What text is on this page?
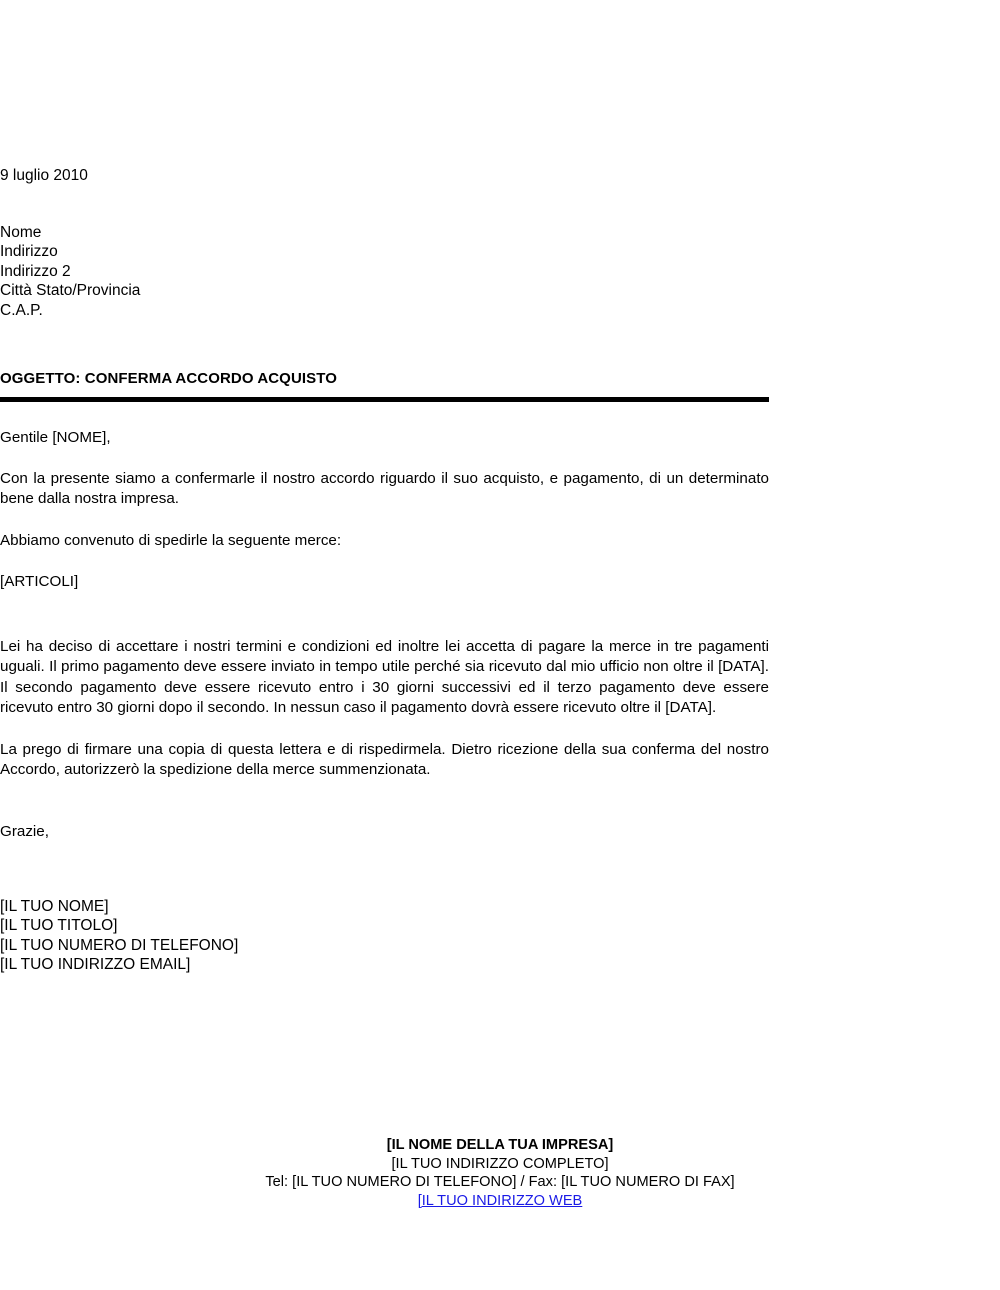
9 luglio 2010
Nome
Indirizzo
Indirizzo 2
Città Stato/Provincia
C.A.P.
OGGETTO: CONFERMA ACCORDO ACQUISTO

Gentile [NOME],

Con la presente siamo a confermarle il nostro accordo riguardo il suo acquisto, e pagamento, di un determinato bene dalla nostra impresa.

Abbiamo convenuto di spedirle la seguente merce:

[ARTICOLI]

Lei ha deciso di accettare i nostri termini e condizioni ed inoltre lei accetta di pagare la merce in tre pagamenti uguali. Il primo pagamento deve essere inviato in tempo utile perché sia ricevuto dal mio ufficio non oltre il [DATA]. Il secondo pagamento deve essere ricevuto entro i 30 giorni successivi ed il terzo pagamento deve essere ricevuto entro 30 giorni dopo il secondo. In nessun caso il pagamento dovrà essere ricevuto oltre il [DATA].

La prego di firmare una copia di questa lettera e di rispedirmela. Dietro ricezione della sua conferma del nostro Accordo, autorizzerò la spedizione della merce summenzionata.

Grazie,

[IL TUO NOME]
[IL TUO TITOLO]
[IL TUO NUMERO DI TELEFONO]
[IL TUO INDIRIZZO EMAIL]
[IL NOME DELLA TUA IMPRESA]
[IL TUO INDIRIZZO COMPLETO]
Tel: [IL TUO NUMERO DI TELEFONO] / Fax: [IL TUO NUMERO DI FAX]
[IL TUO INDIRIZZO WEB
